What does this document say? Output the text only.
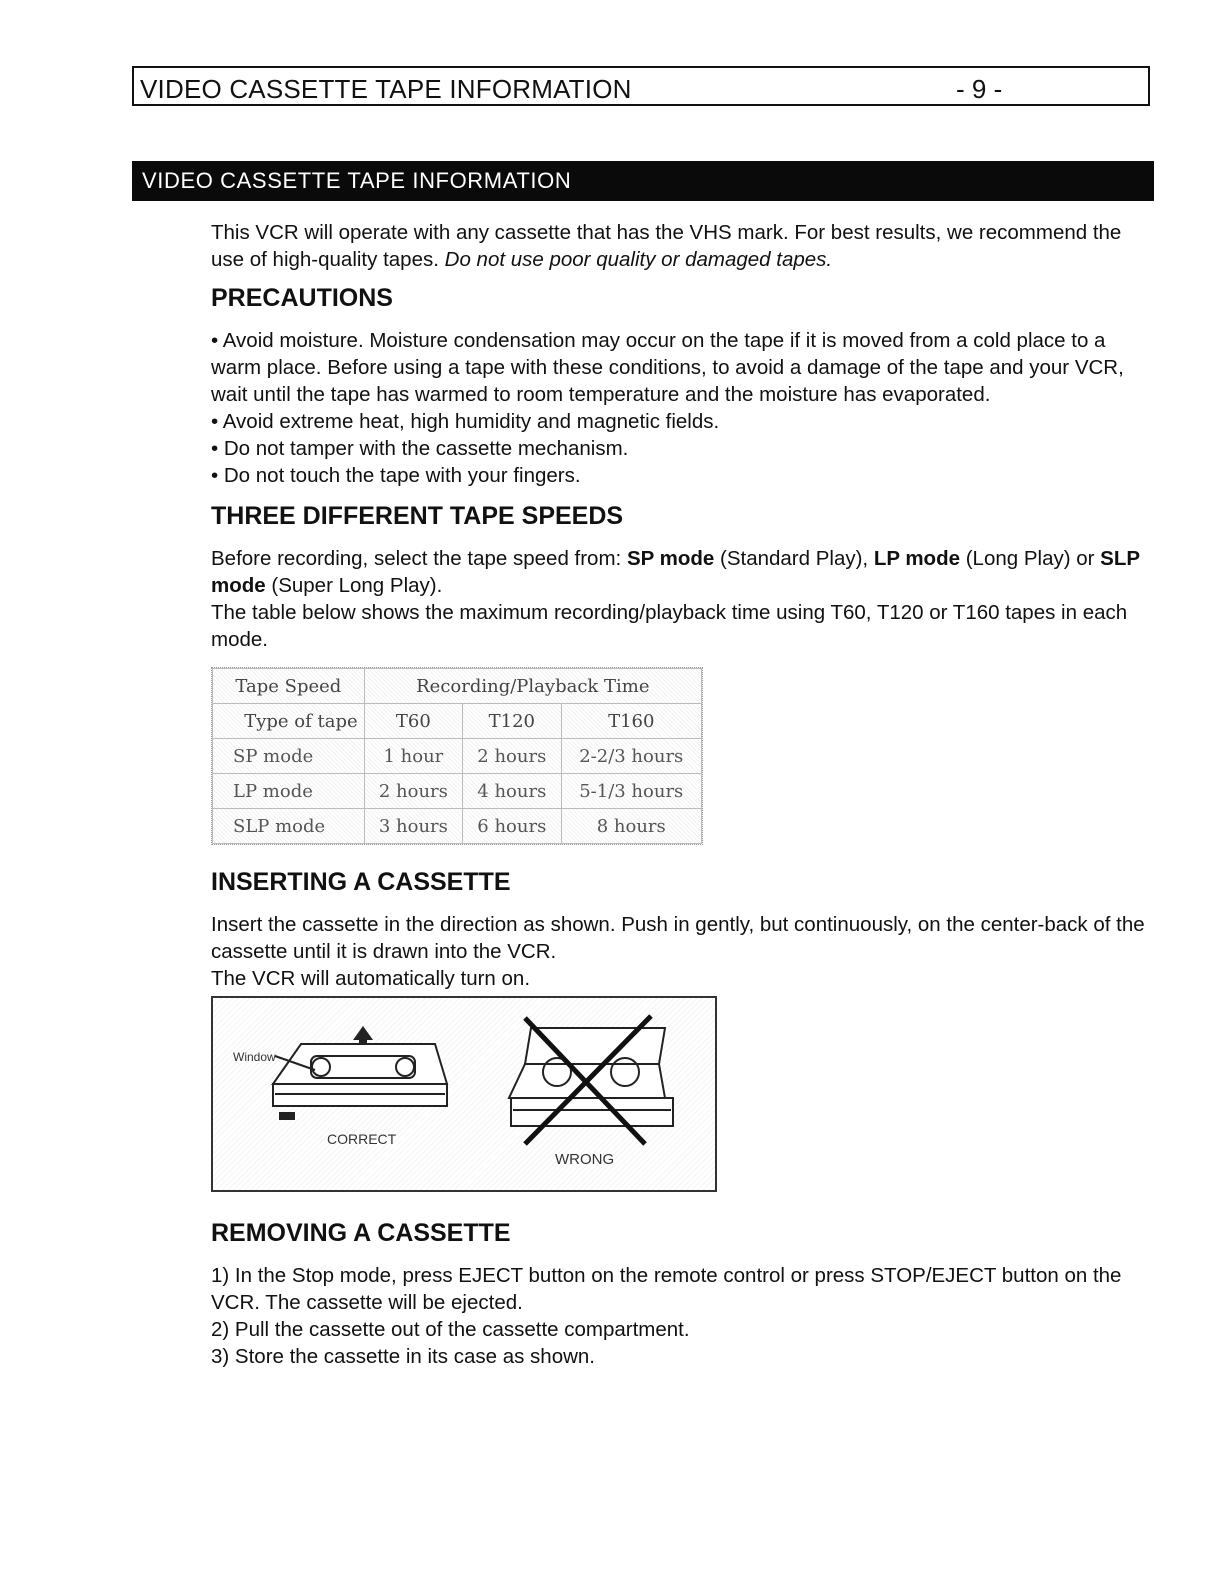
VIDEO CASSETTE TAPE INFORMATION	- 9 -
VIDEO CASSETTE TAPE INFORMATION

This VCR will operate with any cassette that has the VHS mark. For best results, we recommend the use of high-quality tapes. Do not use poor quality or damaged tapes.

PRECAUTIONS

• Avoid moisture. Moisture condensation may occur on the tape if it is moved from a cold place to a warm place. Before using a tape with these conditions, to avoid a damage of the tape and your VCR, wait until the tape has warmed to room temperature and the moisture has evaporated.

• Avoid extreme heat, high humidity and magnetic fields.

• Do not tamper with the cassette mechanism.

• Do not touch the tape with your fingers.

THREE DIFFERENT TAPE SPEEDS

Before recording, select the tape speed from: SP mode (Standard Play), LP mode (Long Play) or SLP mode (Super Long Play).

The table below shows the maximum recording/playback time using T60, T120 or T160 tapes in each mode.

Tape Speed	Recording/Playback Time		
Type of tape	T60	T120	T160
SP mode	1 hour	2 hours	2-2/3 hours
LP mode	2 hours	4 hours	5-1/3 hours
SLP mode	3 hours	6 hours	8 hours
INSERTING A CASSETTE

Insert the cassette in the direction as shown. Push in gently, but continuously, on the center-back of the cassette until it is drawn into the VCR.

The VCR will automatically turn on.

Window
CORRECT
WRONG
REMOVING A CASSETTE

1) In the Stop mode, press EJECT button on the remote control or press STOP/EJECT button on the VCR. The cassette will be ejected.

2) Pull the cassette out of the cassette compartment.

3) Store the cassette in its case as shown.
